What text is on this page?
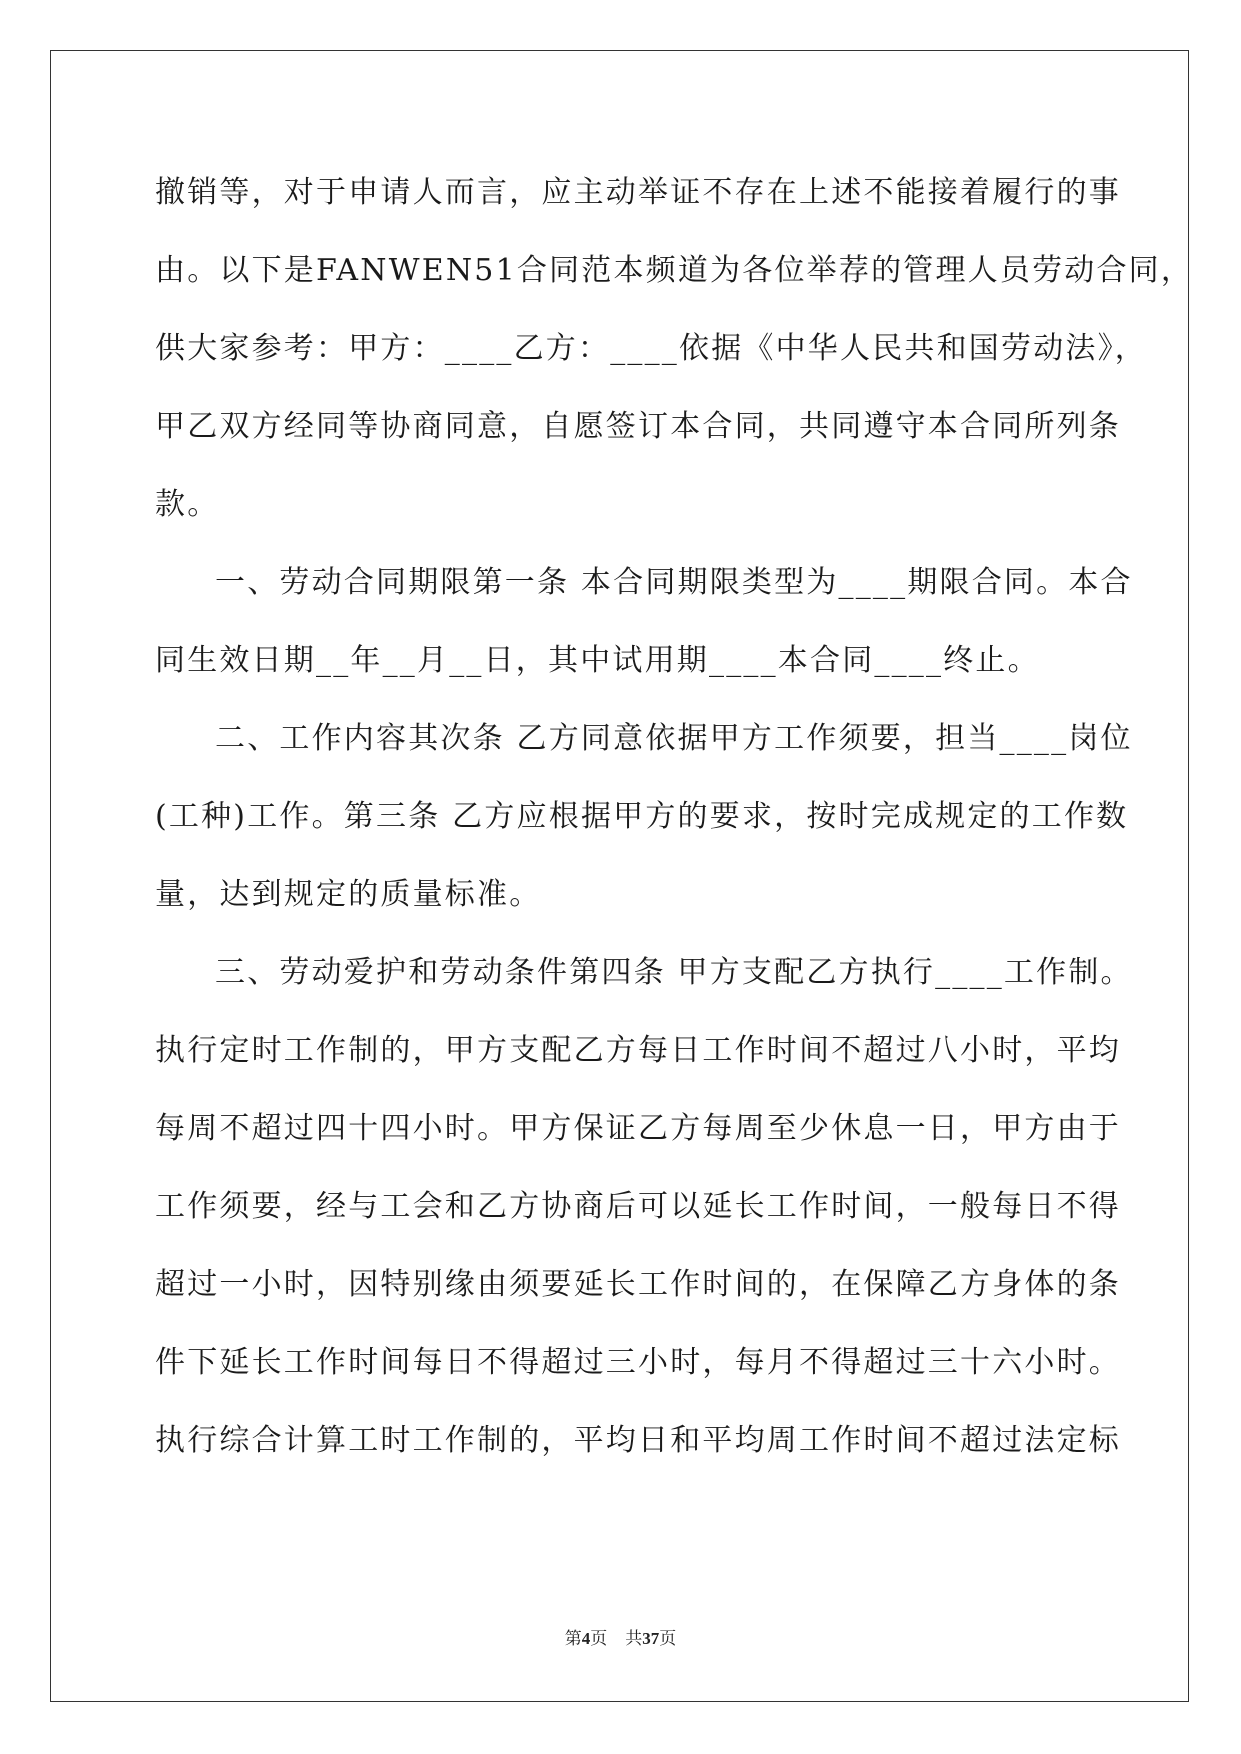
撤销等，对于申请人而言，应主动举证不存在上述不能接着履行的事
由。以下是FANWEN51合同范本频道为各位举荐的管理人员劳动合同，
供大家参考：甲方：____乙方：____依据《中华人民共和国劳动法》，
甲乙双方经同等协商同意，自愿签订本合同，共同遵守本合同所列条
款。
一、劳动合同期限第一条 本合同期限类型为____期限合同。本合
同生效日期__年__月__日，其中试用期____本合同____终止。
二、工作内容其次条 乙方同意依据甲方工作须要，担当____岗位
(工种)工作。第三条 乙方应根据甲方的要求，按时完成规定的工作数
量，达到规定的质量标准。
三、劳动爱护和劳动条件第四条 甲方支配乙方执行____工作制。
执行定时工作制的，甲方支配乙方每日工作时间不超过八小时，平均
每周不超过四十四小时。甲方保证乙方每周至少休息一日，甲方由于
工作须要，经与工会和乙方协商后可以延长工作时间，一般每日不得
超过一小时，因特别缘由须要延长工作时间的，在保障乙方身体的条
件下延长工作时间每日不得超过三小时，每月不得超过三十六小时。
执行综合计算工时工作制的，平均日和平均周工作时间不超过法定标
第4页 共37页
